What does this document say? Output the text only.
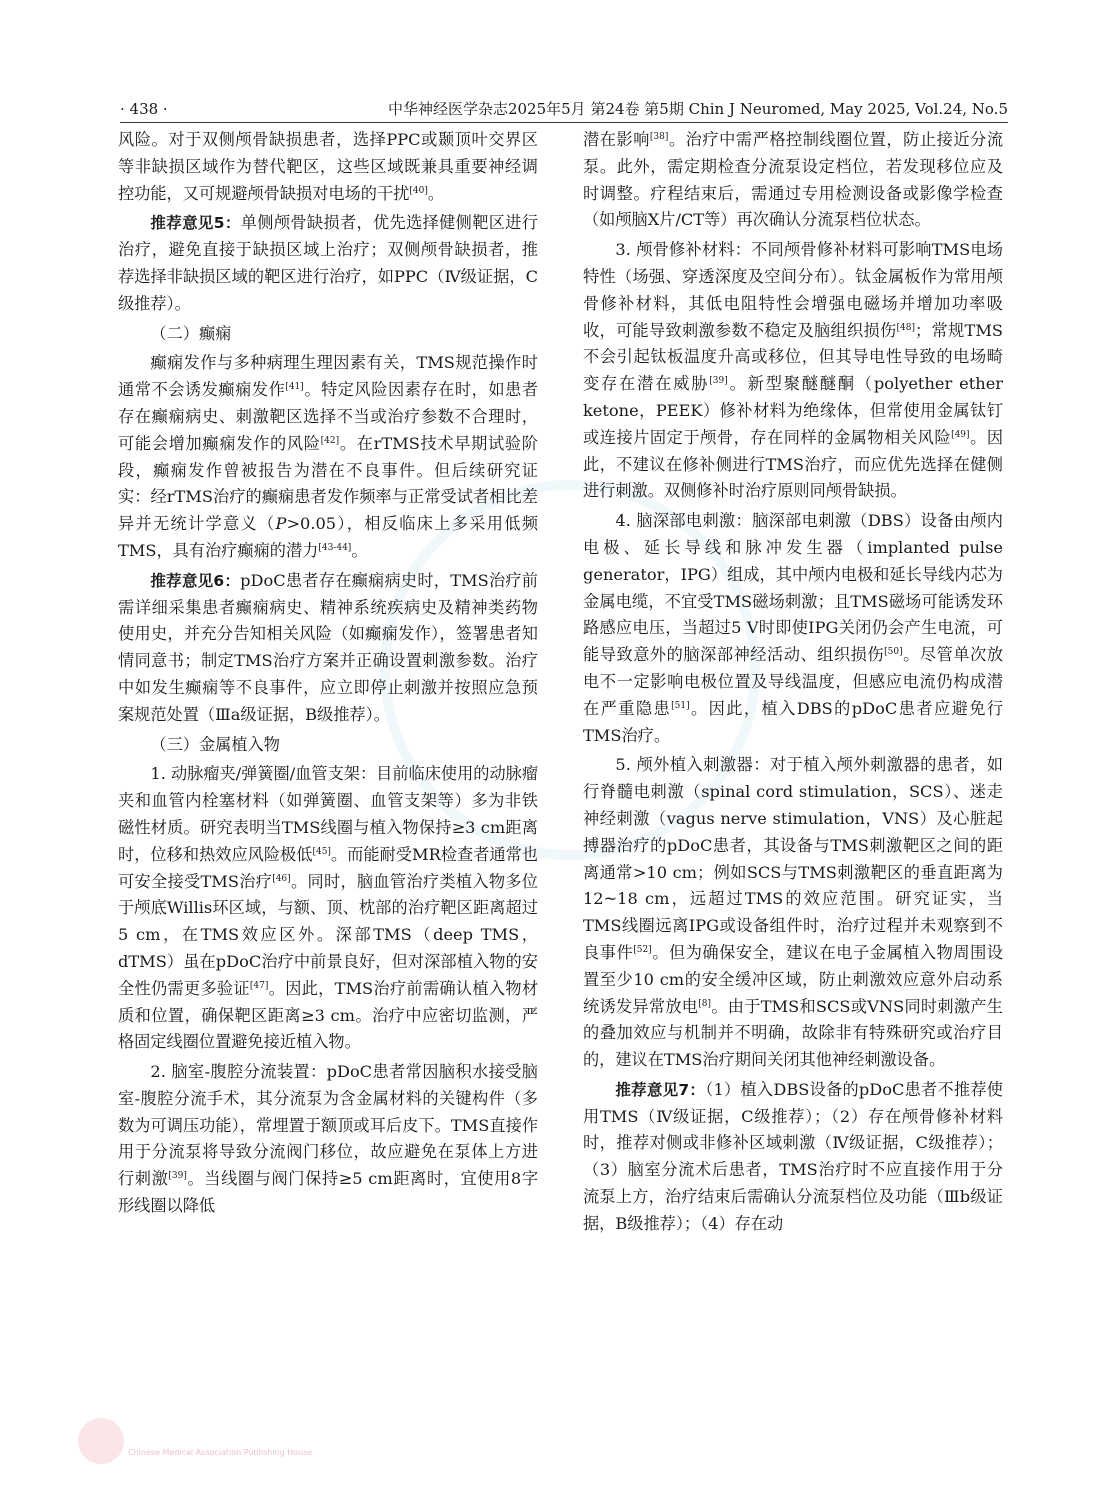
· 438 ·	中华神经医学杂志2025年5月 第24卷 第5期 Chin J Neuromed, May 2025, Vol.24, No.5

风险。对于双侧颅骨缺损患者，选择PPC或颞顶叶交界区等非缺损区域作为替代靶区，这些区域既兼具重要神经调控功能，又可规避颅骨缺损对电场的干扰[40]。

推荐意见5：单侧颅骨缺损者，优先选择健侧靶区进行治疗，避免直接于缺损区域上治疗；双侧颅骨缺损者，推荐选择非缺损区域的靶区进行治疗，如PPC（Ⅳ级证据，C级推荐）。

（二）癫痫

癫痫发作与多种病理生理因素有关，TMS规范操作时通常不会诱发癫痫发作[41]。特定风险因素存在时，如患者存在癫痫病史、刺激靶区选择不当或治疗参数不合理时，可能会增加癫痫发作的风险[42]。在rTMS技术早期试验阶段，癫痫发作曾被报告为潜在不良事件。但后续研究证实：经rTMS治疗的癫痫患者发作频率与正常受试者相比差异并无统计学意义（P>0.05），相反临床上多采用低频TMS，具有治疗癫痫的潜力[43-44]。

推荐意见6：pDoC患者存在癫痫病史时，TMS治疗前需详细采集患者癫痫病史、精神系统疾病史及精神类药物使用史，并充分告知相关风险（如癫痫发作），签署患者知情同意书；制定TMS治疗方案并正确设置刺激参数。治疗中如发生癫痫等不良事件，应立即停止刺激并按照应急预案规范处置（Ⅲa级证据，B级推荐）。

（三）金属植入物

1. 动脉瘤夹/弹簧圈/血管支架：目前临床使用的动脉瘤夹和血管内栓塞材料（如弹簧圈、血管支架等）多为非铁磁性材质。研究表明当TMS线圈与植入物保持≥3 cm距离时，位移和热效应风险极低[45]。而能耐受MR检查者通常也可安全接受TMS治疗[46]。同时，脑血管治疗类植入物多位于颅底Willis环区域，与额、顶、枕部的治疗靶区距离超过5 cm，在TMS效应区外。深部TMS（deep TMS，dTMS）虽在pDoC治疗中前景良好，但对深部植入物的安全性仍需更多验证[47]。因此，TMS治疗前需确认植入物材质和位置，确保靶区距离≥3 cm。治疗中应密切监测，严格固定线圈位置避免接近植入物。

2. 脑室-腹腔分流装置：pDoC患者常因脑积水接受脑室-腹腔分流手术，其分流泵为含金属材料的关键构件（多数为可调压功能），常埋置于额顶或耳后皮下。TMS直接作用于分流泵将导致分流阀门移位，故应避免在泵体上方进行刺激[39]。当线圈与阀门保持≥5 cm距离时，宜使用8字形线圈以降低

潜在影响[38]。治疗中需严格控制线圈位置，防止接近分流泵。此外，需定期检查分流泵设定档位，若发现移位应及时调整。疗程结束后，需通过专用检测设备或影像学检查（如颅脑X片/CT等）再次确认分流泵档位状态。

3. 颅骨修补材料：不同颅骨修补材料可影响TMS电场特性（场强、穿透深度及空间分布）。钛金属板作为常用颅骨修补材料，其低电阻特性会增强电磁场并增加功率吸收，可能导致刺激参数不稳定及脑组织损伤[48]；常规TMS不会引起钛板温度升高或移位，但其导电性导致的电场畸变存在潜在威胁[39]。新型聚醚醚酮（polyether ether ketone，PEEK）修补材料为绝缘体，但常使用金属钛钉或连接片固定于颅骨，存在同样的金属物相关风险[49]。因此，不建议在修补侧进行TMS治疗，而应优先选择在健侧进行刺激。双侧修补时治疗原则同颅骨缺损。

4. 脑深部电刺激：脑深部电刺激（DBS）设备由颅内电极、延长导线和脉冲发生器（implanted pulse generator，IPG）组成，其中颅内电极和延长导线内芯为金属电缆，不宜受TMS磁场刺激；且TMS磁场可能诱发环路感应电压，当超过5 V时即使IPG关闭仍会产生电流，可能导致意外的脑深部神经活动、组织损伤[50]。尽管单次放电不一定影响电极位置及导线温度，但感应电流仍构成潜在严重隐患[51]。因此，植入DBS的pDoC患者应避免行TMS治疗。

5. 颅外植入刺激器：对于植入颅外刺激器的患者，如行脊髓电刺激（spinal cord stimulation，SCS）、迷走神经刺激（vagus nerve stimulation，VNS）及心脏起搏器治疗的pDoC患者，其设备与TMS刺激靶区之间的距离通常>10 cm；例如SCS与TMS刺激靶区的垂直距离为12~18 cm，远超过TMS的效应范围。研究证实，当TMS线圈远离IPG或设备组件时，治疗过程并未观察到不良事件[52]。但为确保安全，建议在电子金属植入物周围设置至少10 cm的安全缓冲区域，防止刺激效应意外启动系统诱发异常放电[8]。由于TMS和SCS或VNS同时刺激产生的叠加效应与机制并不明确，故除非有特殊研究或治疗目的，建议在TMS治疗期间关闭其他神经刺激设备。

推荐意见7：（1）植入DBS设备的pDoC患者不推荐使用TMS（Ⅳ级证据，C级推荐）；（2）存在颅骨修补材料时，推荐对侧或非修补区域刺激（Ⅳ级证据，C级推荐）；（3）脑室分流术后患者，TMS治疗时不应直接作用于分流泵上方，治疗结束后需确认分流泵档位及功能（Ⅲb级证据，B级推荐）；（4）存在动

Chinese Medical Association Publishing House
